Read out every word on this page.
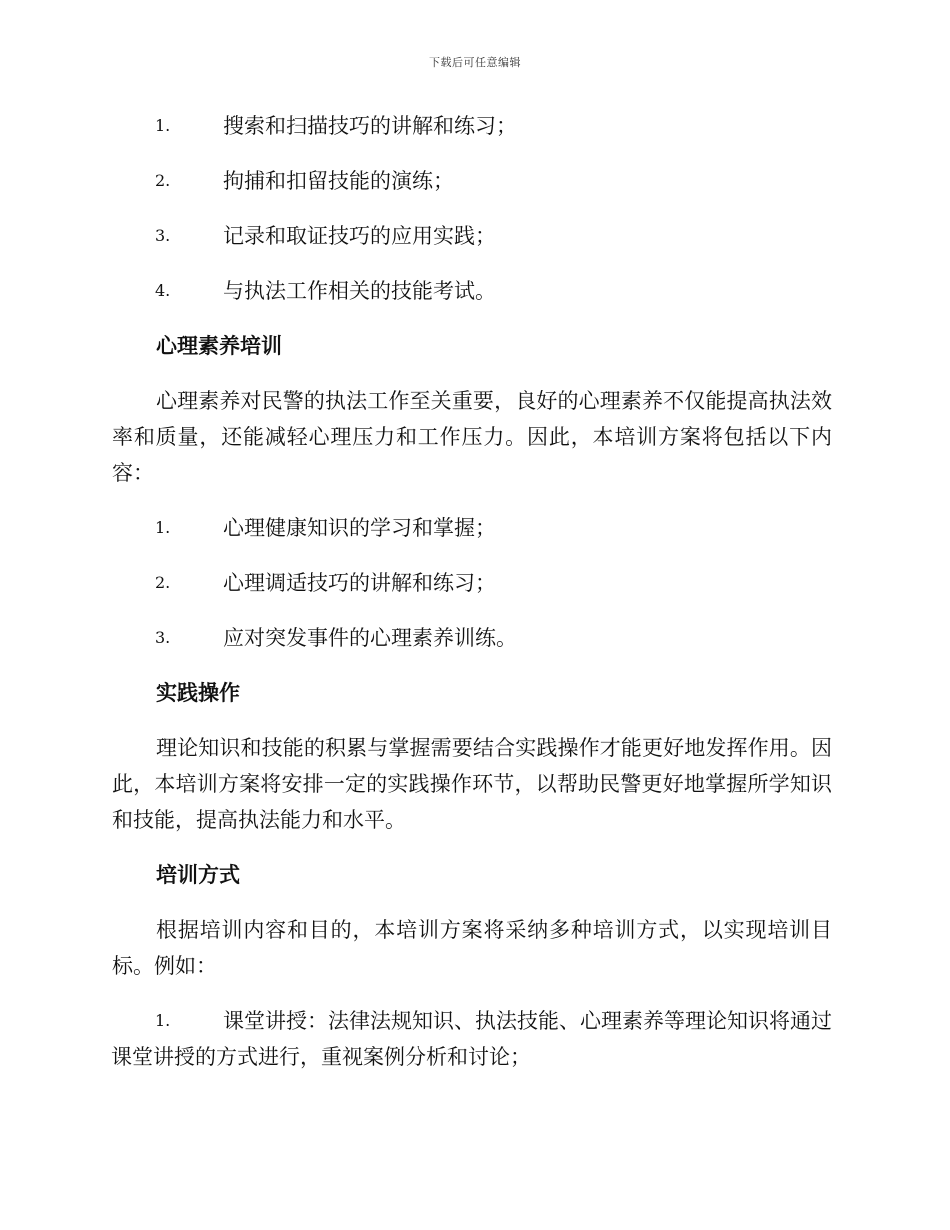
下载后可任意编辑
1.	搜索和扫描技巧的讲解和练习；
2.	拘捕和扣留技能的演练；
3.	记录和取证技巧的应用实践；
4.	与执法工作相关的技能考试。
心理素养培训
心理素养对民警的执法工作至关重要，良好的心理素养不仅能提高执法效率和质量，还能减轻心理压力和工作压力。因此，本培训方案将包括以下内容：
1.	心理健康知识的学习和掌握；
2.	心理调适技巧的讲解和练习；
3.	应对突发事件的心理素养训练。
实践操作
理论知识和技能的积累与掌握需要结合实践操作才能更好地发挥作用。因此，本培训方案将安排一定的实践操作环节，以帮助民警更好地掌握所学知识和技能，提高执法能力和水平。
培训方式
根据培训内容和目的，本培训方案将采纳多种培训方式，以实现培训目标。例如：
1.	课堂讲授：法律法规知识、执法技能、心理素养等理论知识将通过课堂讲授的方式进行，重视案例分析和讨论；
